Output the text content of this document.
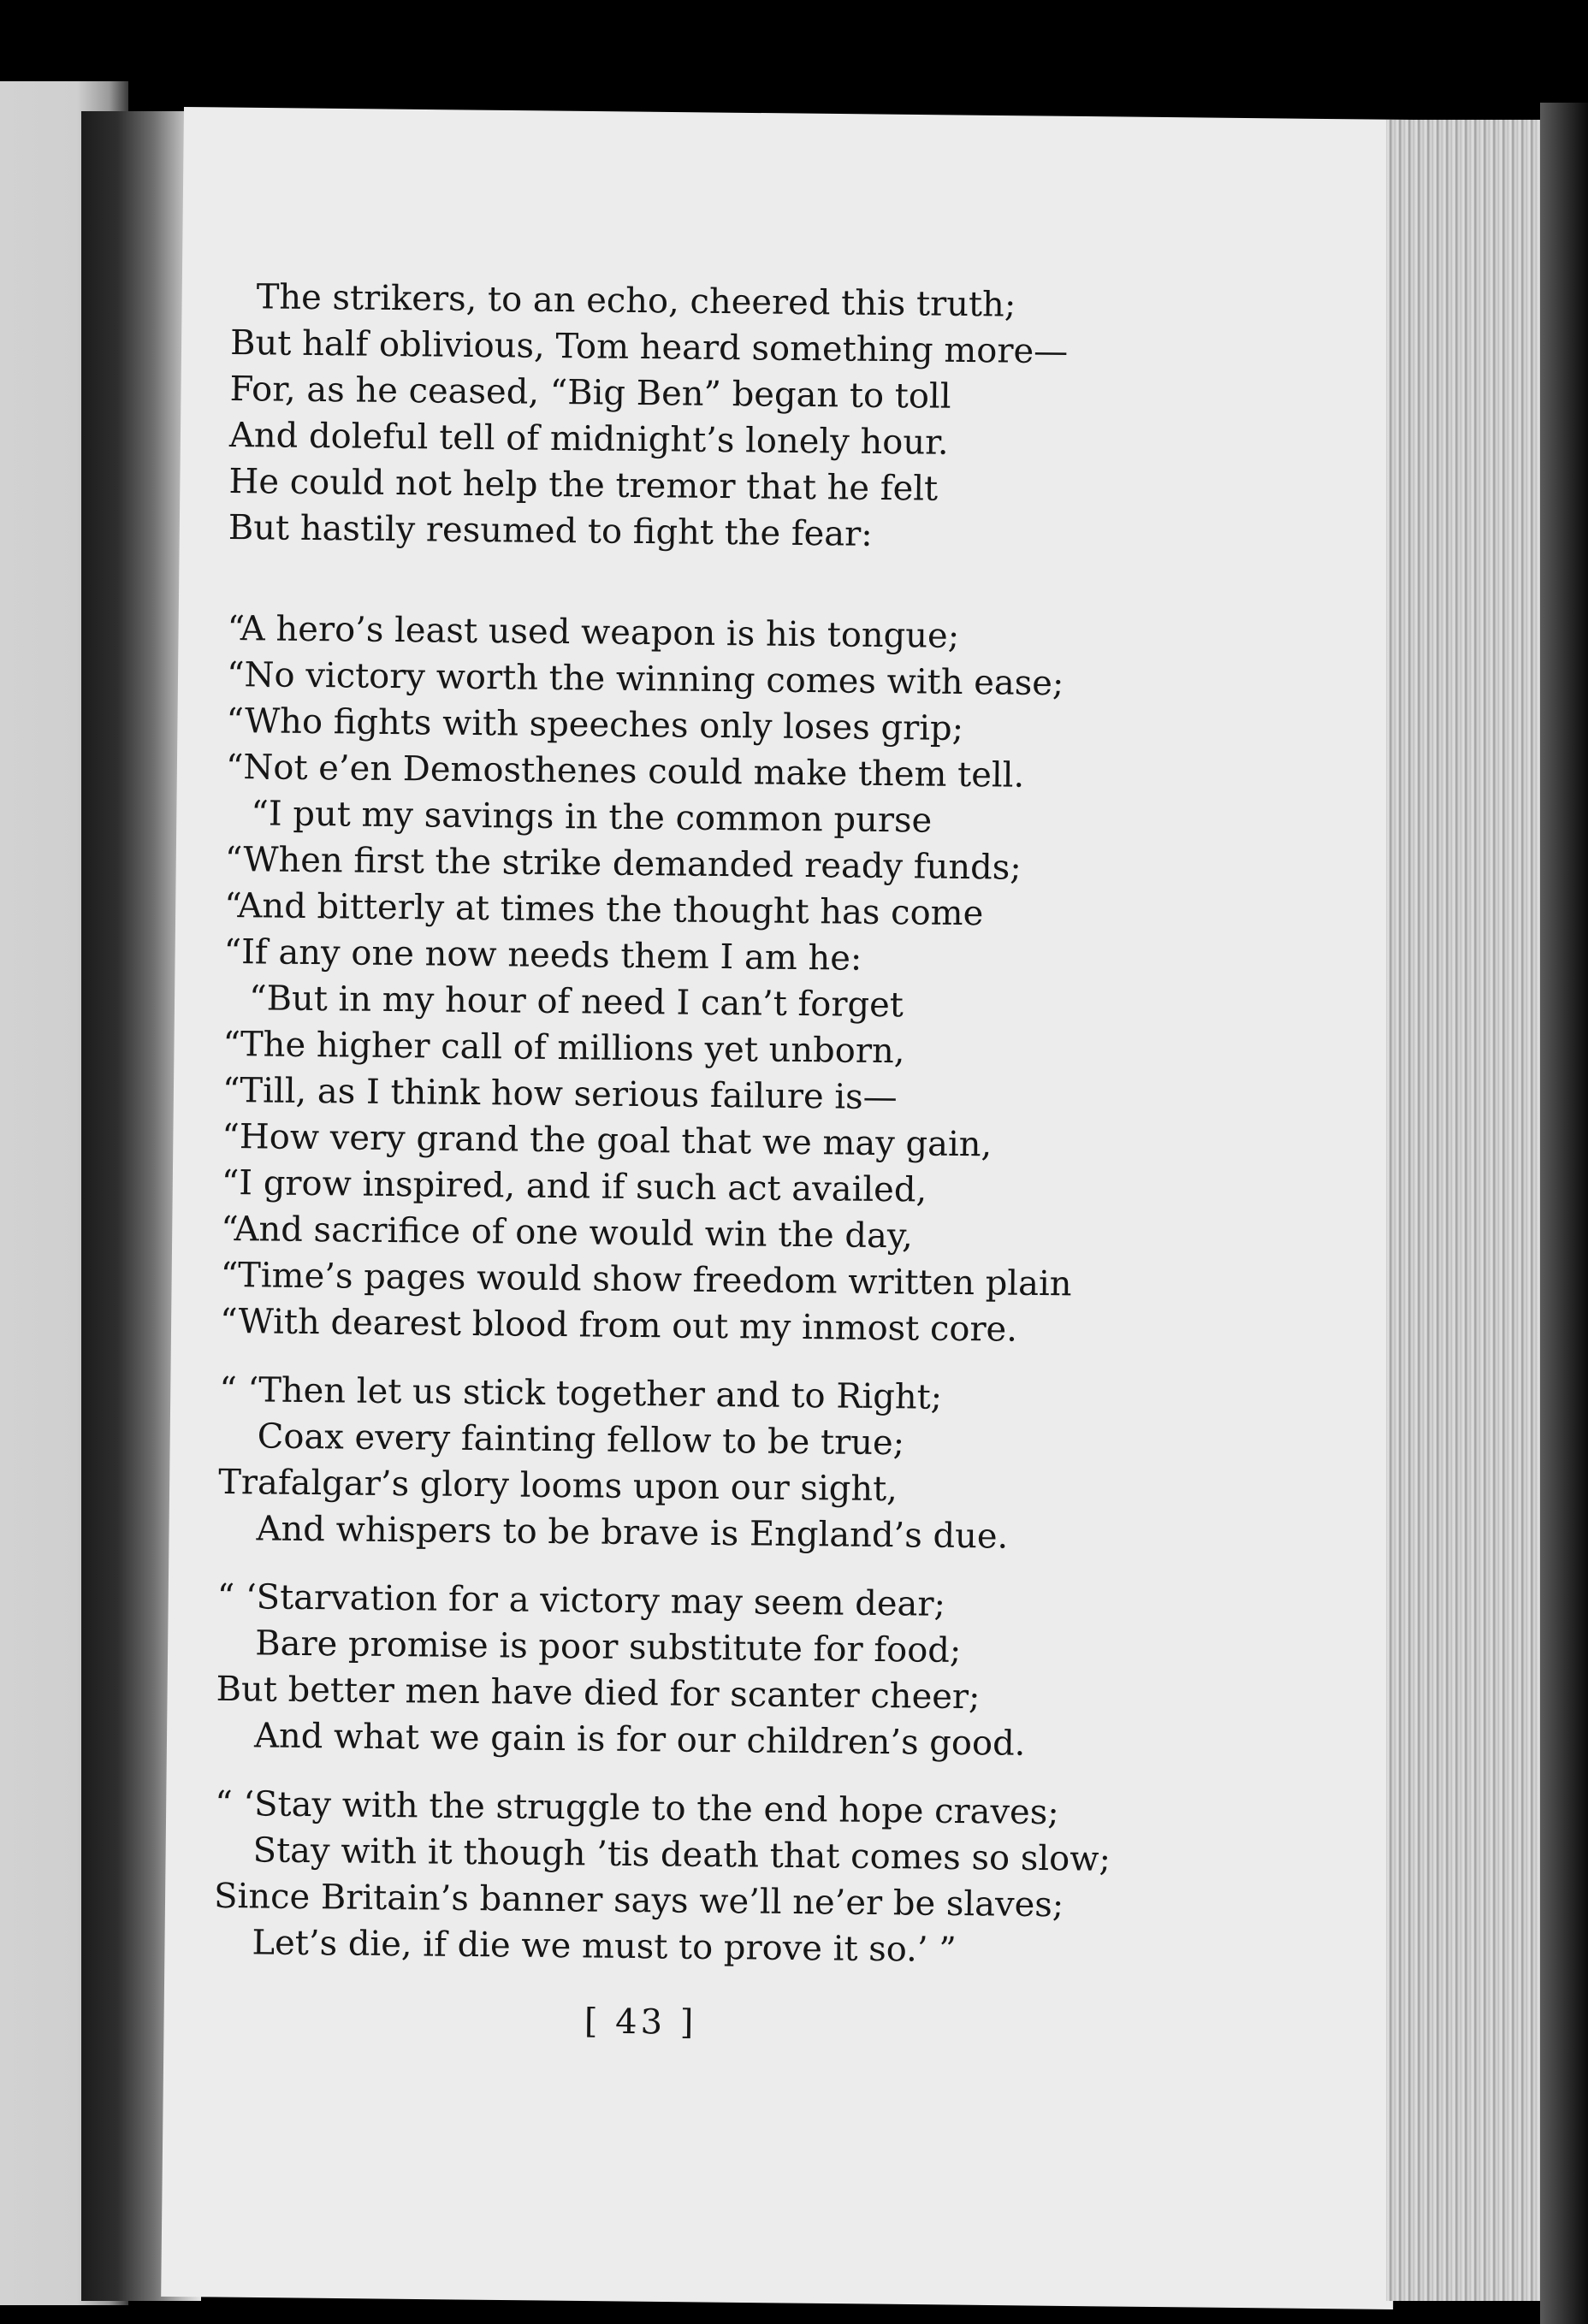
The strikers, to an echo, cheered this truth;
But half oblivious, Tom heard something more—
For, as he ceased, “Big Ben” began to toll
And doleful tell of midnight’s lonely hour.
He could not help the tremor that he felt
But hastily resumed to fight the fear:
“A hero’s least used weapon is his tongue;
“No victory worth the winning comes with ease;
“Who fights with speeches only loses grip;
“Not e’en Demosthenes could make them tell.
“I put my savings in the common purse
“When first the strike demanded ready funds;
“And bitterly at times the thought has come
“If any one now needs them I am he:
“But in my hour of need I can’t forget
“The higher call of millions yet unborn,
“Till, as I think how serious failure is—
“How very grand the goal that we may gain,
“I grow inspired, and if such act availed,
“And sacrifice of one would win the day,
“Time’s pages would show freedom written plain
“With dearest blood from out my inmost core.
“ ‘Then let us stick together and to Right;
Coax every fainting fellow to be true;
Trafalgar’s glory looms upon our sight,
And whispers to be brave is England’s due.
“ ‘Starvation for a victory may seem dear;
Bare promise is poor substitute for food;
But better men have died for scanter cheer;
And what we gain is for our children’s good.
“ ‘Stay with the struggle to the end hope craves;
Stay with it though ’tis death that comes so slow;
Since Britain’s banner says we’ll ne’er be slaves;
Let’s die, if die we must to prove it so.’ ”
[ 43 ]
